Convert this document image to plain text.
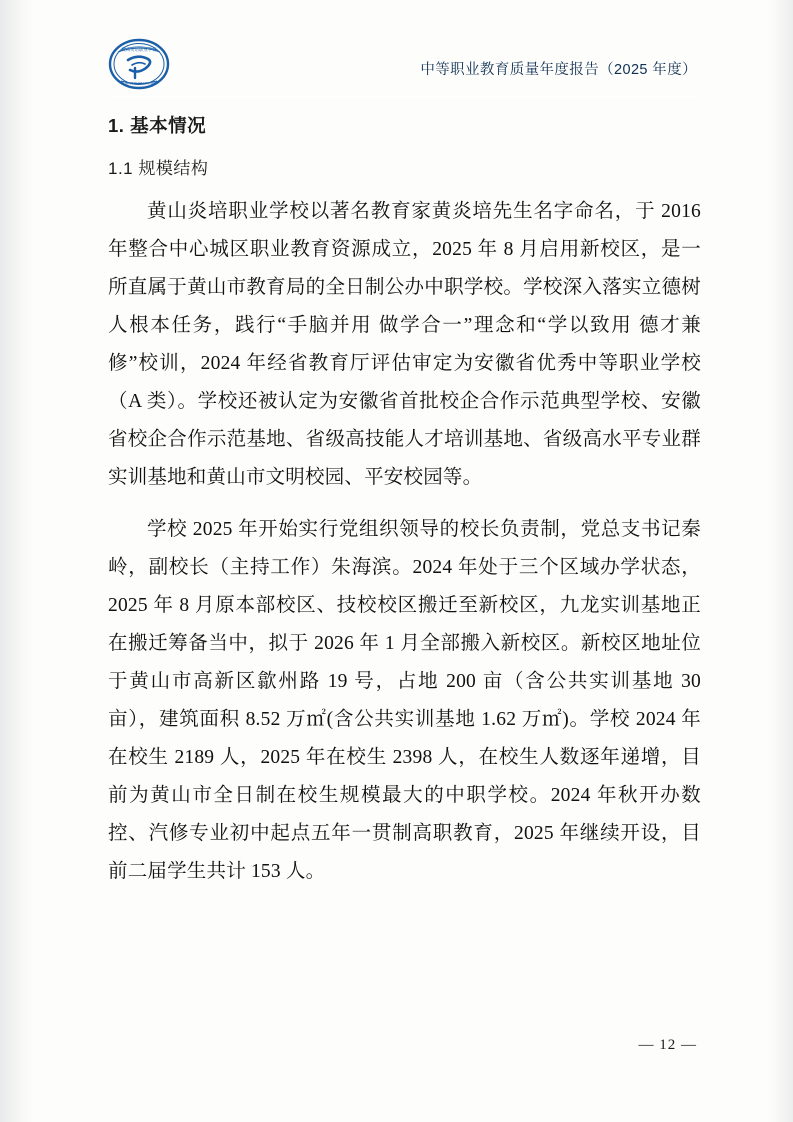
黄山炎培职业学校
HUANGSHAN YANPEI
中等职业教育质量年度报告（2025 年度）
1. 基本情况
1.1 规模结构

黄山炎培职业学校以著名教育家黄炎培先生名字命名，于 2016 年整合中心城区职业教育资源成立，2025 年 8 月启用新校区，是一所直属于黄山市教育局的全日制公办中职学校。学校深入落实立德树人根本任务，践行“手脑并用 做学合一”理念和“学以致用 德才兼修”校训，2024 年经省教育厅评估审定为安徽省优秀中等职业学校（A 类）。学校还被认定为安徽省首批校企合作示范典型学校、安徽省校企合作示范基地、省级高技能人才培训基地、省级高水平专业群实训基地和黄山市文明校园、平安校园等。

学校 2025 年开始实行党组织领导的校长负责制，党总支书记秦岭，副校长（主持工作）朱海滨。2024 年处于三个区域办学状态，2025 年 8 月原本部校区、技校校区搬迁至新校区，九龙实训基地正在搬迁筹备当中，拟于 2026 年 1 月全部搬入新校区。新校区地址位于黄山市高新区歙州路 19 号，占地 200 亩（含公共实训基地 30 亩），建筑面积 8.52 万㎡(含公共实训基地 1.62 万㎡)。学校 2024 年在校生 2189 人，2025 年在校生 2398 人，在校生人数逐年递增，目前为黄山市全日制在校生规模最大的中职学校。2024 年秋开办数控、汽修专业初中起点五年一贯制高职教育，2025 年继续开设，目前二届学生共计 153 人。

— 12 —
